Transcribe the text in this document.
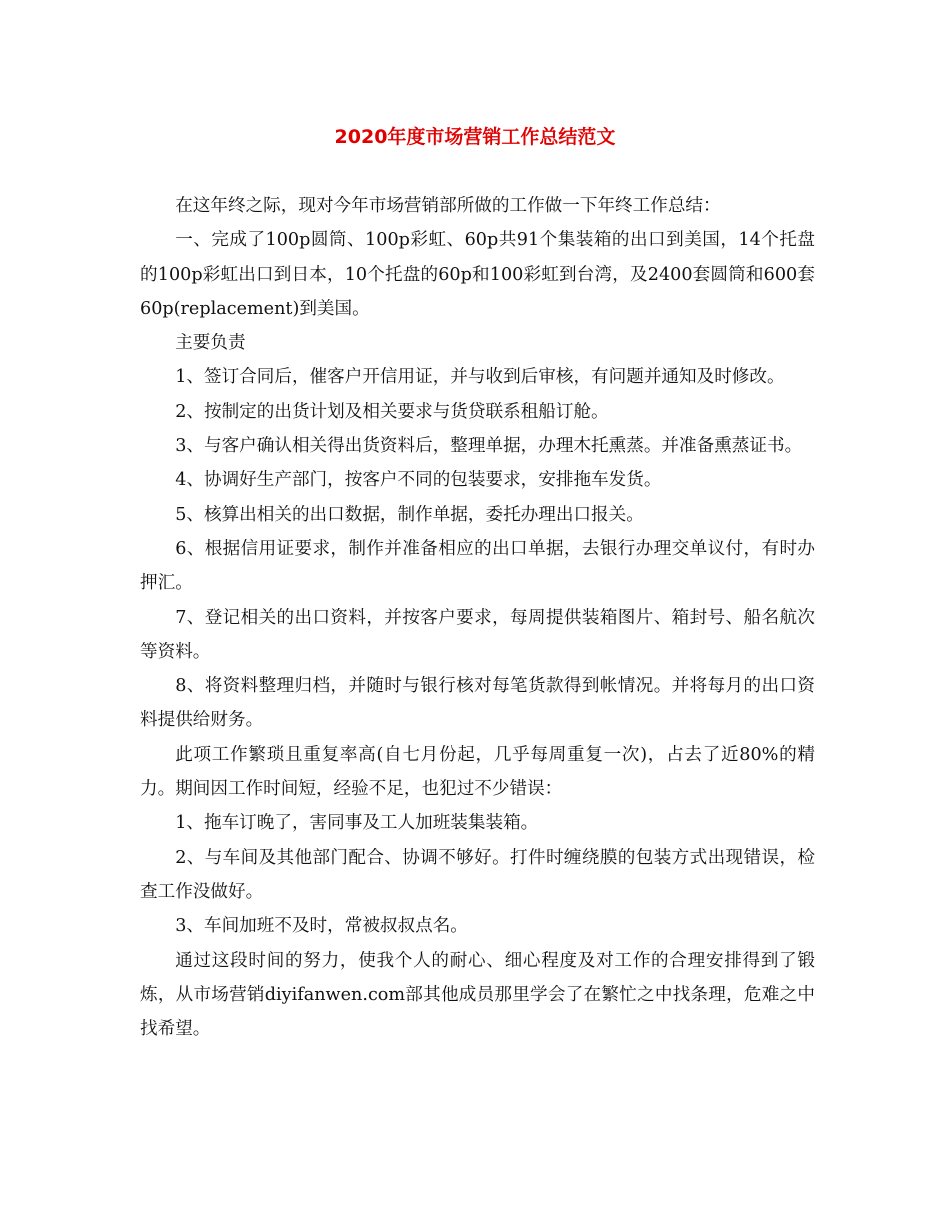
2020年度市场营销工作总结范文

在这年终之际，现对今年市场营销部所做的工作做一下年终工作总结：

一、完成了100p圆筒、100p彩虹、60p共91个集装箱的出口到美国，14个托盘的100p彩虹出口到日本，10个托盘的60p和100彩虹到台湾，及2400套圆筒和600套60p(replacement)到美国。

主要负责

1、签订合同后，催客户开信用证，并与收到后审核，有问题并通知及时修改。

2、按制定的出货计划及相关要求与货贷联系租船订舱。

3、与客户确认相关得出货资料后，整理单据，办理木托熏蒸。并准备熏蒸证书。

4、协调好生产部门，按客户不同的包装要求，安排拖车发货。

5、核算出相关的出口数据，制作单据，委托办理出口报关。

6、根据信用证要求，制作并准备相应的出口单据，去银行办理交单议付，有时办押汇。

7、登记相关的出口资料，并按客户要求，每周提供装箱图片、箱封号、船名航次等资料。

8、将资料整理归档，并随时与银行核对每笔货款得到帐情况。并将每月的出口资料提供给财务。

此项工作繁琐且重复率高(自七月份起，几乎每周重复一次)，占去了近80%的精力。期间因工作时间短，经验不足，也犯过不少错误：

1、拖车订晚了，害同事及工人加班装集装箱。

2、与车间及其他部门配合、协调不够好。打件时缠绕膜的包装方式出现错误，检查工作没做好。

3、车间加班不及时，常被叔叔点名。

通过这段时间的努力，使我个人的耐心、细心程度及对工作的合理安排得到了锻炼，从市场营销diyifanwen.com部其他成员那里学会了在繁忙之中找条理，危难之中找希望。
